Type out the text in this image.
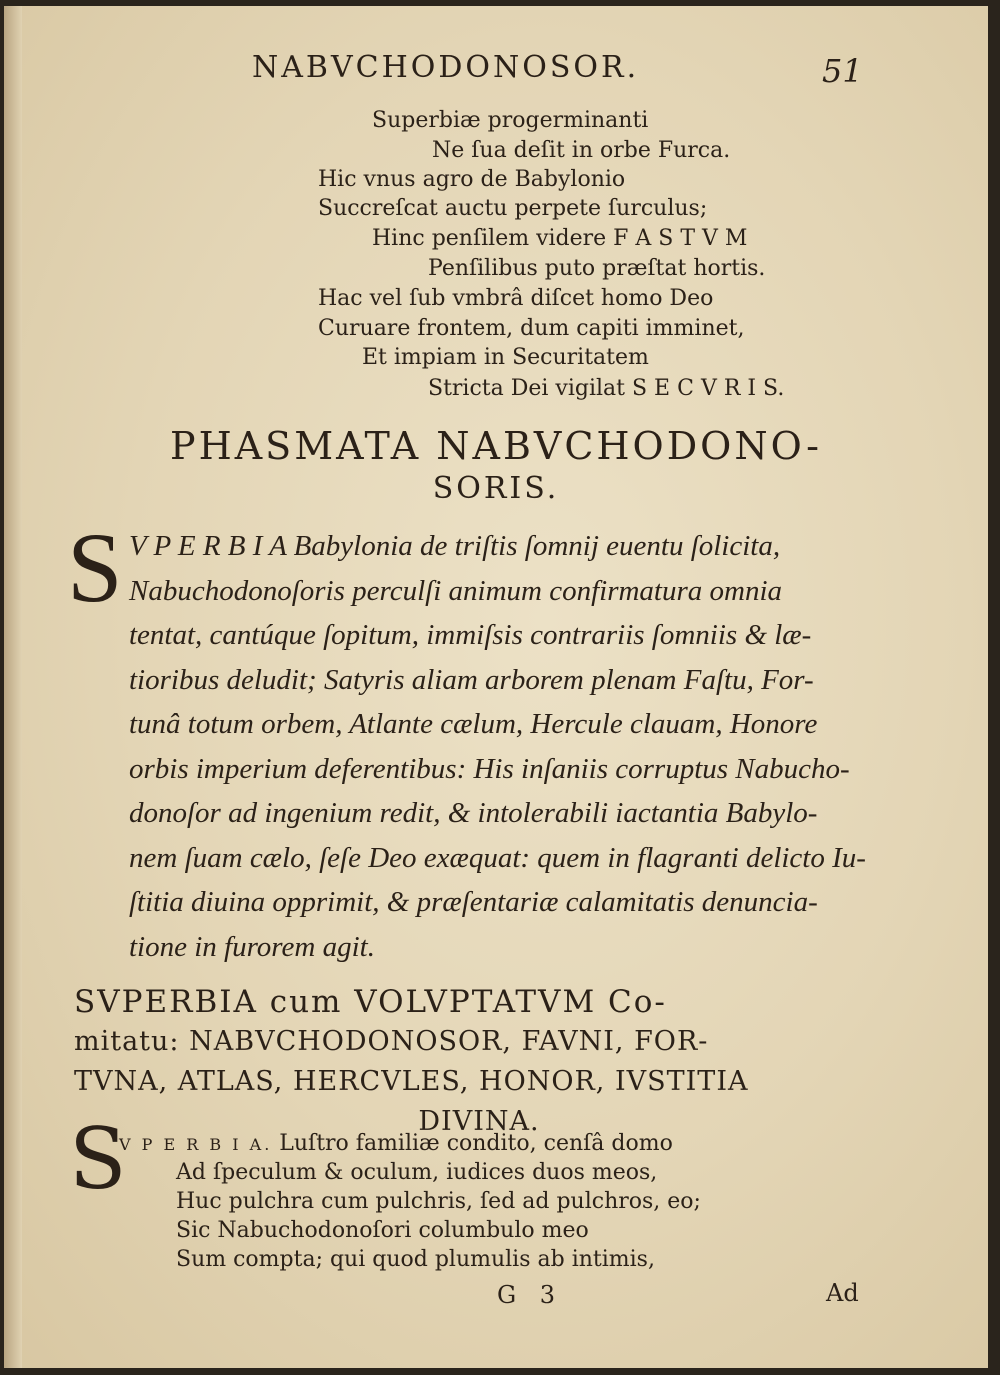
NABVCHODONOSOR.	51
Superbiæ progerminanti
Ne ſua deſit in orbe Furca.
Hic vnus agro de Babylonio
Succreſcat auctu perpete ſurculus;
Hinc penſilem videre F A S T V M
Penſilibus puto præſtat hortis.
Hac vel ſub vmbrâ diſcet homo Deo
Curuare frontem, dum capiti imminet,
Et impiam in Securitatem
Stricta Dei vigilat S E C V R I S.
PHASMATA NABVCHODONO-
SORIS.
S V P E R B I A Babylonia de triſtis ſomnij euentu ſolicita,
Nabuchodonoſoris perculſi animum confirmatura omnia
tentat, cantúque ſopitum, immiſsis contrariis ſomniis & læ-
tioribus deludit; Satyris aliam arborem plenam Faſtu, For-
tunâ totum orbem, Atlante cælum, Hercule clauam, Honore
orbis imperium deferentibus: His inſaniis corruptus Nabucho-
donoſor ad ingenium redit, & intolerabili iactantia Babylo-
nem ſuam cælo, ſeſe Deo exæquat: quem in flagranti delicto Iu-
ſtitia diuina opprimit, & præſentariæ calamitatis denuncia-
tione in furorem agit.
SVPERBIA cum VOLVPTATVM Co-
mitatu: NABVCHODONOSOR, FAVNI, FOR-
TVNA, ATLAS, HERCVLES, HONOR, IVSTITIA
DIVINA.
S
V P E R B I A. Luſtro familiæ condito, cenſâ domo
Ad ſpeculum & oculum, iudices duos meos,
Huc pulchra cum pulchris, ſed ad pulchros, eo;
Sic Nabuchodonoſori columbulo meo
Sum compta; qui quod plumulis ab intimis,
G 3	Ad
